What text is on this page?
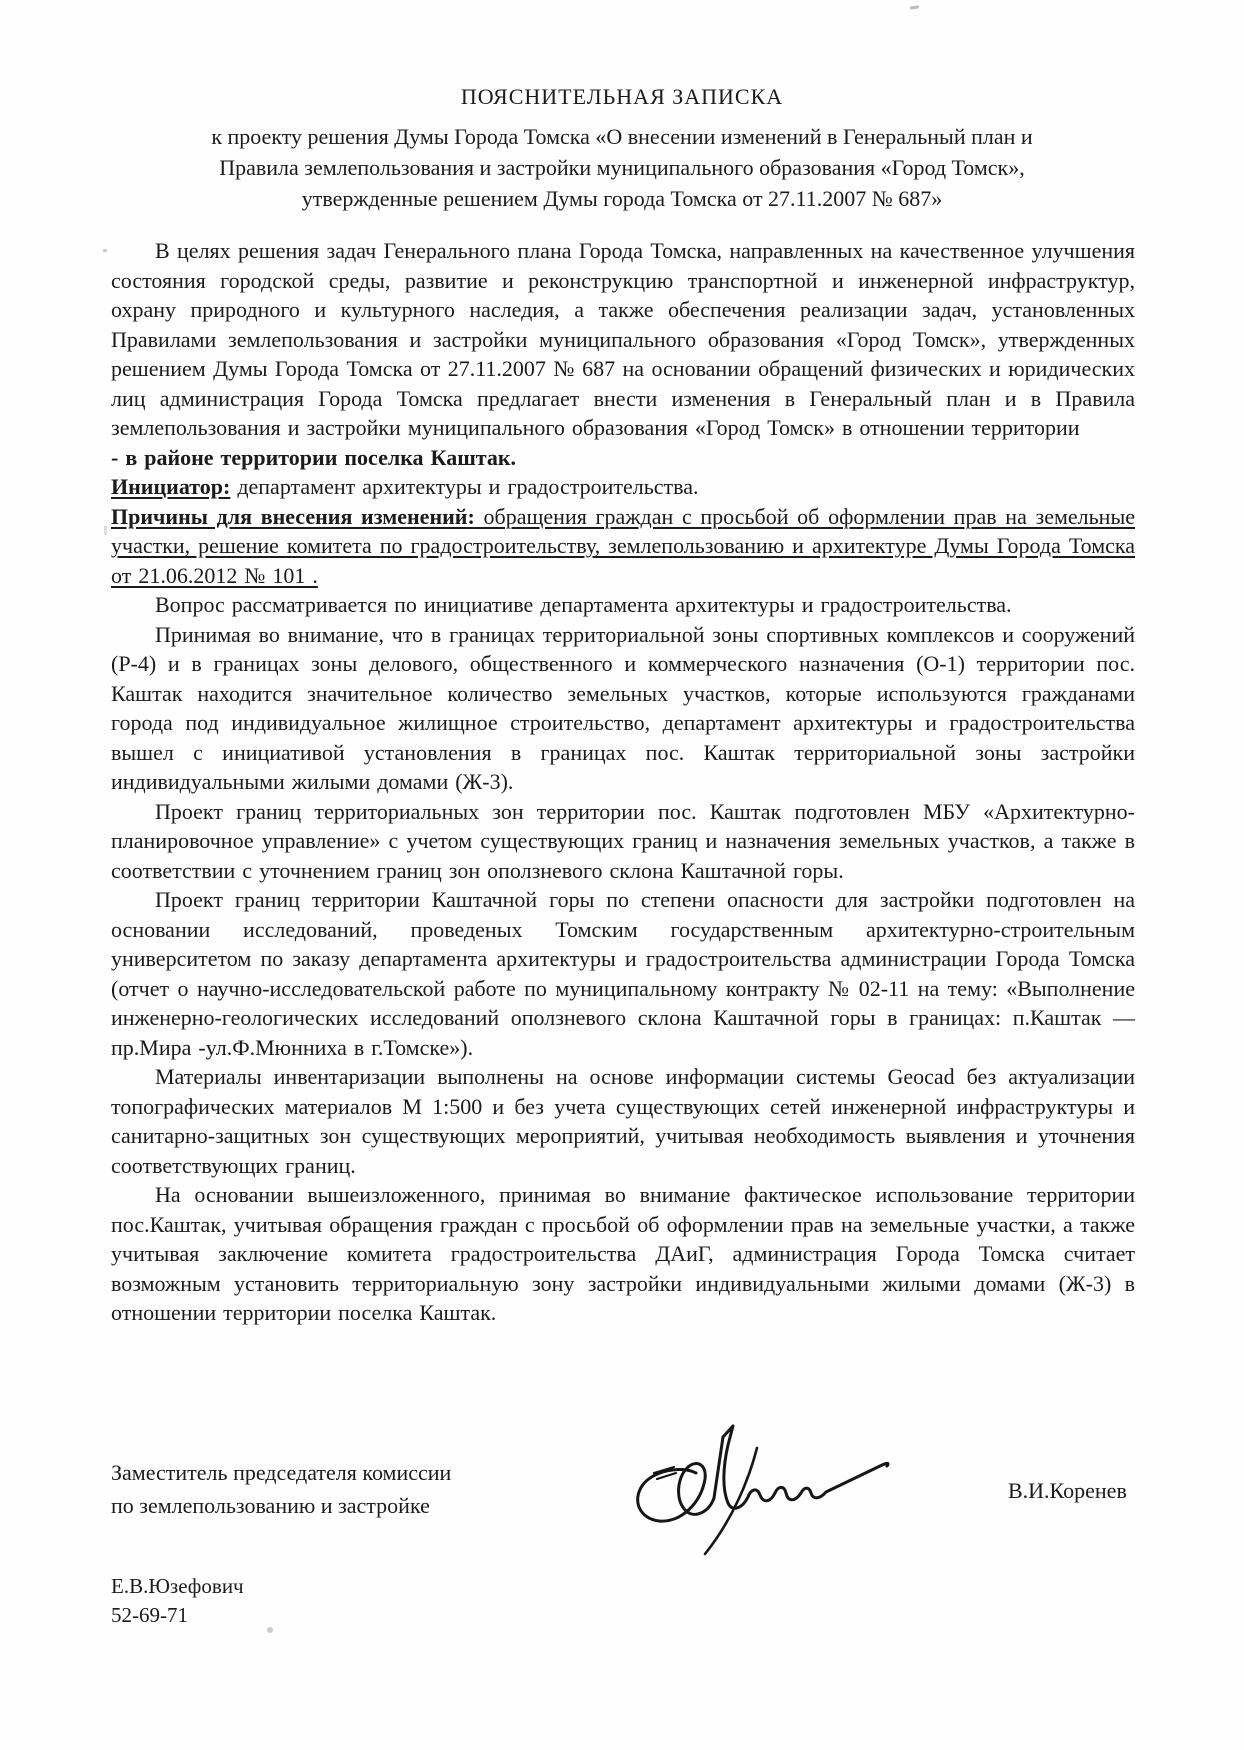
ПОЯСНИТЕЛЬНАЯ ЗАПИСКА
к проекту решения Думы Города Томска «О внесении изменений в Генеральный план и
Правила землепользования и застройки муниципального образования «Город Томск»,
утвержденные решением Думы города Томска от 27.11.2007 № 687»

В целях решения задач Генерального плана Города Томска, направленных на качественное улучшения состояния городской среды, развитие и реконструкцию транспортной и инженерной инфраструктур, охрану природного и культурного наследия, а также обеспечения реализации задач, установленных Правилами землепользования и застройки муниципального образования «Город Томск», утвержденных решением Думы Города Томска от 27.11.2007 № 687 на основании обращений физических и юридических лиц администрация Города Томска предлагает внести изменения в Генеральный план и в Правила землепользования и застройки муниципального образования «Город Томск» в отношении территории

- в районе территории поселка Каштак.

Инициатор: департамент архитектуры и градостроительства.

Причины для внесения изменений: обращения граждан с просьбой об оформлении прав на земельные участки, решение комитета по градостроительству, землепользованию и архитектуре Думы Города Томска от 21.06.2012 № 101 .

Вопрос рассматривается по инициативе департамента архитектуры и градостроительства.

Принимая во внимание, что в границах территориальной зоны спортивных комплексов и сооружений (Р-4) и в границах зоны делового, общественного и коммерческого назначения (О-1) территории пос. Каштак находится значительное количество земельных участков, которые используются гражданами города под индивидуальное жилищное строительство, департамент архитектуры и градостроительства вышел с инициативой установления в границах пос. Каштак территориальной зоны застройки индивидуальными жилыми домами (Ж-3).

Проект границ территориальных зон территории пос. Каштак подготовлен МБУ «Архитектурно-планировочное управление» с учетом существующих границ и назначения земельных участков, а также в соответствии с уточнением границ зон оползневого склона Каштачной горы.

Проект границ территории Каштачной горы по степени опасности для застройки подготовлен на основании исследований, проведеных Томским государственным архитектурно-строительным университетом по заказу департамента архитектуры и градостроительства администрации Города Томска (отчет о научно-исследовательской работе по муниципальному контракту № 02-11 на тему: «Выполнение инженерно-геологических исследований оползневого склона Каштачной горы в границах: п.Каштак — пр.Мира -ул.Ф.Мюнниха в г.Томске»).

Материалы инвентаризации выполнены на основе информации системы Geocad без актуализации топографических материалов М 1:500 и без учета существующих сетей инженерной инфраструктуры и санитарно-защитных зон существующих мероприятий, учитывая необходимость выявления и уточнения соответствующих границ.

На основании вышеизложенного, принимая во внимание фактическое использование территории пос.Каштак, учитывая обращения граждан с просьбой об оформлении прав на земельные участки, а также учитывая заключение комитета градостроительства ДАиГ, администрация Города Томска считает возможным установить территориальную зону застройки индивидуальными жилыми домами (Ж-3) в отношении территории поселка Каштак.

Заместитель председателя комиссии
по землепользованию и застройке
В.И.Коренев
Е.В.Юзефович
52-69-71
